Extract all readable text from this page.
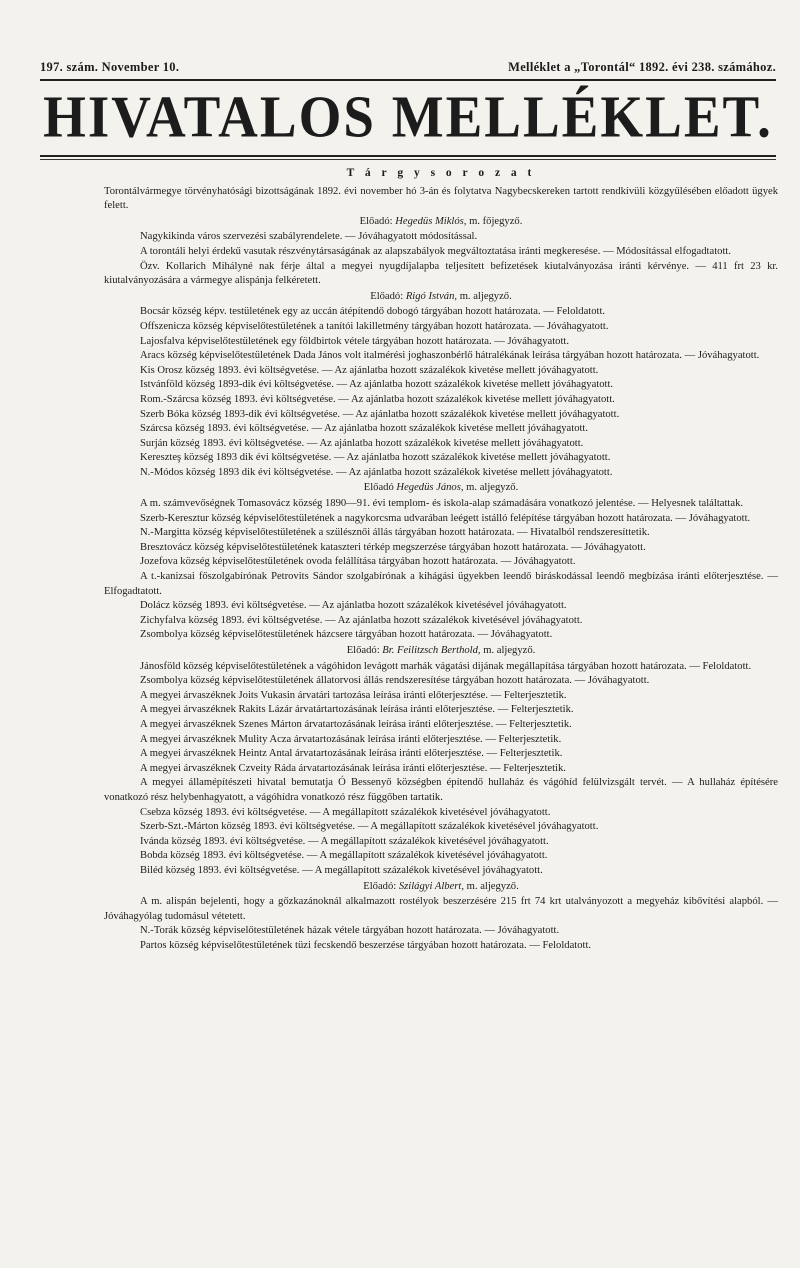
197. szám. November 10.	Melléklet a „Torontál“ 1892. évi 238. számához.
HIVATALOS MELLÉKLET.
T á r g y s o r o z a t

Torontálvármegye törvényhatósági bizottságának 1892. évi november hó 3-án és folytatva Nagybecskereken tartott rendkívüli közgyűlésében előadott ügyek felett.

Előadó: Hegedüs Miklós, m. főjegyző.

Nagykikinda város szervezési szabályrendelete. — Jóváhagyatott módosítással.

A torontáli helyi érdekű vasutak részvénytársaságának az alapszabályok megváltoztatása iránti megkeresése. — Módosítással elfogadtatott.

Özv. Kollarich Mihályné nak férje által a megyei nyugdíjalapba teljesített befizetések kiutalványozása iránti kérvénye. — 411 frt 23 kr. kiutalványozására a vármegye alispánja felkéretett.

Előadó: Rigó István, m. aljegyző.

Bocsár község képv. testületének egy az uccán átépítendő dobogó tárgyában hozott határozata. — Feloldatott.

Offszenicza község képviselőtestületének a tanítói lakilletmény tárgyában hozott határozata. — Jóváhagyatott.

Lajosfalva képviselőtestületének egy földbirtok vétele tárgyában hozott határozata. — Jóváhagyatott.

Aracs község képviselőtestületének Dada János volt italmérési joghaszonbérlő hátralékának leírása tárgyában hozott határozata. — Jóváhagyatott.

Kis Orosz község 1893. évi költségvetése. — Az ajánlatba hozott százalékok kivetése mellett jóváhagyatott.

Istvánföld község 1893-dik évi költségvetése. — Az ajánlatba hozott százalékok kivetése mellett jóváhagyatott.

Rom.-Szárcsa község 1893. évi költségvetése. — Az ajánlatba hozott százalékok kivetése mellett jóváhagyatott.

Szerb Bóka község 1893-dik évi költségvetése. — Az ajánlatba hozott százalékok kivetése mellett jóváhagyatott.

Szárcsa község 1893. évi költségvetése. — Az ajánlatba hozott százalékok kivetése mellett jóváhagyatott.

Surján község 1893. évi költségvetése. — Az ajánlatba hozott százalékok kivetése mellett jóváhagyatott.

Kereszteş község 1893 dik évi költségvetése. — Az ajánlatba hozott százalékok kivetése mellett jóváhagyatott.

N.-Módos község 1893 dik évi költségvetése. — Az ajánlatba hozott százalékok kivetése mellett jóváhagyatott.

Előadó Hegedüs János, m. aljegyző.

A m. számvevőségnek Tomasovácz község 1890—91. évi templom- és iskola-alap számadására vonatkozó jelentése. — Helyesnek találtattak.

Szerb-Keresztur község képviselőtestületének a nagykorcsma udvarában leégett istálló felépítése tárgyában hozott határozata. — Jóváhagyatott.

N.-Margitta község képviselőtestületének a szülésznői állás tárgyában hozott határozata. — Hivatalból rendszeresíttetik.

Bresztovácz község képviselőtestületének kataszteri térkép megszerzése tárgyában hozott határozata. — Jóváhagyatott.

Jozefova község képviselőtestületének ovoda felállítása tárgyában hozott határozata. — Jóváhagyatott.

A t.-kanizsai főszolgabírónak Petrovits Sándor szolgabírónak a kihágási ügyekben leendő biráskodással leendő megbízása iránti előterjesztése. — Elfogadtatott.

Dolácz község 1893. évi költségvetése. — Az ajánlatba hozott százalékok kivetésével jóváhagyatott.

Zichyfalva község 1893. évi költségvetése. — Az ajánlatba hozott százalékok kivetésével jóváhagyatott.

Zsombolya község képviselőtestületének házcsere tárgyában hozott határozata. — Jóváhagyatott.

Előadó: Br. Feilitzsch Berthold, m. aljegyző.

Jánosföld község képviselőtestületének a vágóhidon levágott marhák vágatási dijának megállapítása tárgyában hozott határozata. — Feloldatott.

Zsombolya község képviselőtestületének állatorvosi állás rendszeresítése tárgyában hozott határozata. — Jóváhagyatott.

A megyei árvaszéknek Joits Vukasin árvatári tartozása leírása iránti előterjesztése. — Felterjesztetik.

A megyei árvaszéknek Rakits Lázár árvatártartozásának leírása iránti előterjesztése. — Felterjesztetik.

A megyei árvaszéknek Szenes Márton árvatartozásának leírása iránti előterjesztése. — Felterjesztetik.

A megyei árvaszéknek Mulity Acza árvatartozásának leírása iránti előterjesztése. — Felterjesztetik.

A megyei árvaszéknek Heintz Antal árvatartozásának leírása iránti előterjesztése. — Felterjesztetik.

A megyei árvaszéknek Czveity Ráda árvatartozásának leírása iránti előterjesztése. — Felterjesztetik.

A megyei államépítészeti hivatal bemutatja Ó Bessenyő községben építendő hullaház és vágóhíd felülvizsgált tervét. — A hullaház építésére vonatkozó rész helybenhagyatott, a vágóhídra vonatkozó rész függőben tartatik.

Csebza község 1893. évi költségvetése. — A megállapított százalékok kivetésével jóváhagyatott.

Szerb-Szt.-Márton község 1893. évi költségvetése. — A megállapított százalékok kivetésével jóváhagyatott.

Ivánda község 1893. évi költségvetése. — A megállapított százalékok kivetésével jóváhagyatott.

Bobda község 1893. évi költségvetése. — A megállapított százalékok kivetésével jóváhagyatott.

Biléd község 1893. évi költségvetése. — A megállapított százalékok kivetésével jóváhagyatott.

Előadó: Szilágyi Albert, m. aljegyző.

A m. alispán bejelenti, hogy a gőzkazánoknál alkalmazott rostélyok beszerzésére 215 frt 74 krt utalványozott a megyeház kibővítési alapból. — Jóváhagyólag tudomásul vétetett.

N.-Torák község képviselőtestületének házak vétele tárgyában hozott határozata. — Jóváhagyatott.

Partos község képviselőtestületének tüzi fecskendő beszerzése tárgyában hozott határozata. — Feloldatott.
